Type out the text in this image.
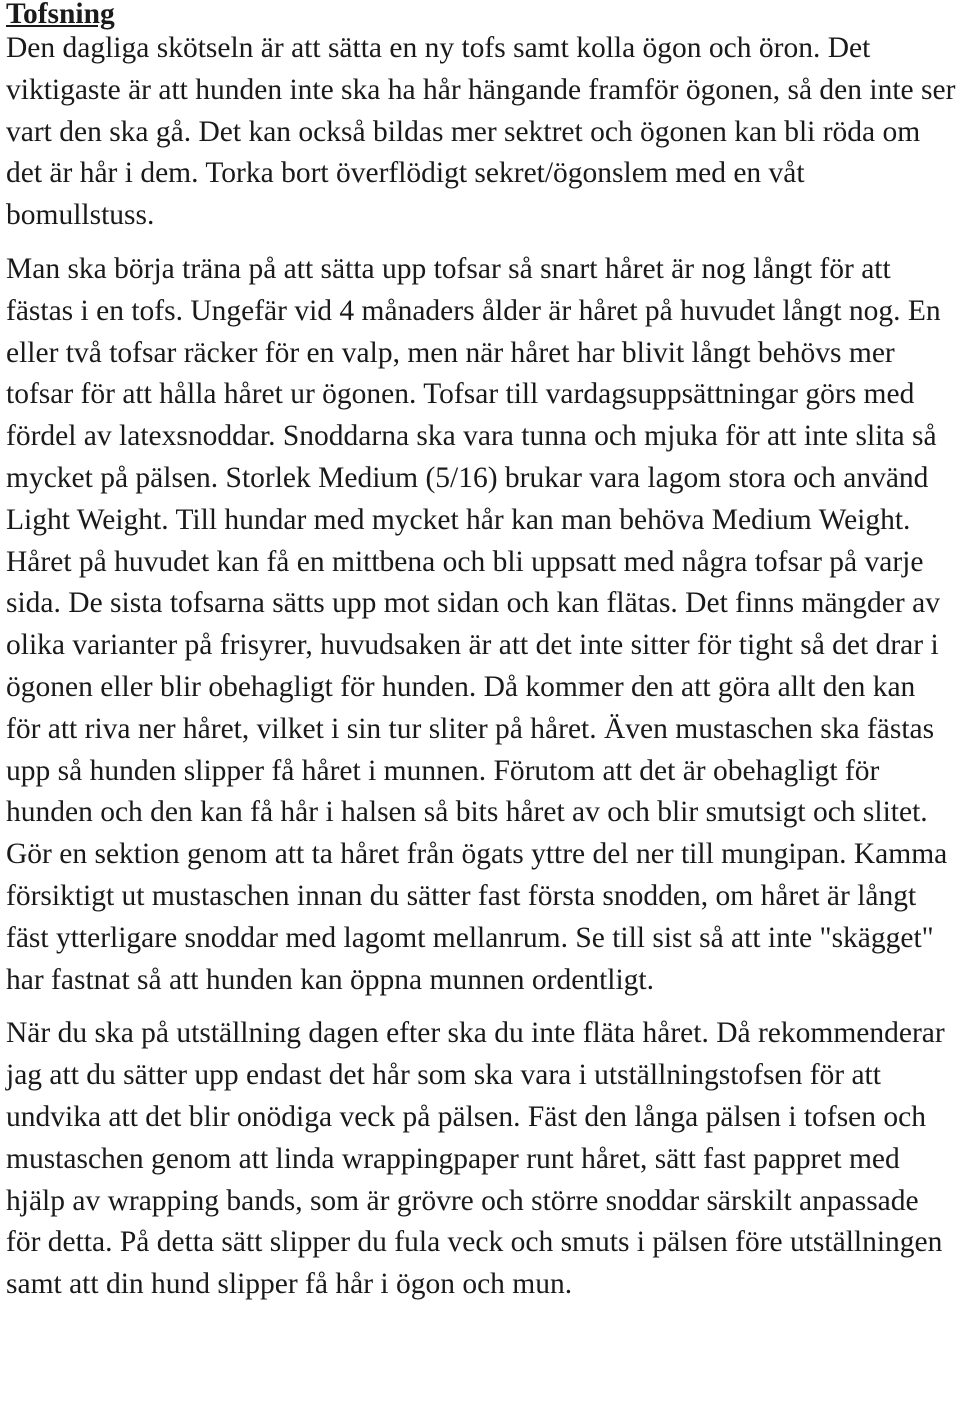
Tofsning

Den dagliga skötseln är att sätta en ny tofs samt kolla ögon och öron. Det viktigaste är att hunden inte ska ha hår hängande framför ögonen, så den inte ser vart den ska gå. Det kan också bildas mer sektret och ögonen kan bli röda om det är hår i dem. Torka bort överflödigt sekret/ögonslem med en våt bomullstuss.

Man ska börja träna på att sätta upp tofsar så snart håret är nog långt för att fästas i en tofs. Ungefär vid 4 månaders ålder är håret på huvudet långt nog. En eller två tofsar räcker för en valp, men när håret har blivit långt behövs mer tofsar för att hålla håret ur ögonen. Tofsar till vardagsuppsättningar görs med fördel av latexsnoddar. Snoddarna ska vara tunna och mjuka för att inte slita så mycket på pälsen. Storlek Medium (5/16) brukar vara lagom stora och använd Light Weight. Till hundar med mycket hår kan man behöva Medium Weight. Håret på huvudet kan få en mittbena och bli uppsatt med några tofsar på varje sida. De sista tofsarna sätts upp mot sidan och kan flätas. Det finns mängder av olika varianter på frisyrer, huvudsaken är att det inte sitter för tight så det drar i ögonen eller blir obehagligt för hunden. Då kommer den att göra allt den kan för att riva ner håret, vilket i sin tur sliter på håret. Även mustaschen ska fästas upp så hunden slipper få håret i munnen. Förutom att det är obehagligt för hunden och den kan få hår i halsen så bits håret av och blir smutsigt och slitet. Gör en sektion genom att ta håret från ögats yttre del ner till mungipan. Kamma försiktigt ut mustaschen innan du sätter fast första snodden, om håret är långt fäst ytterligare snoddar med lagomt mellanrum. Se till sist så att inte "skägget" har fastnat så att hunden kan öppna munnen ordentligt.

När du ska på utställning dagen efter ska du inte fläta håret. Då rekommenderar jag att du sätter upp endast det hår som ska vara i utställningstofsen för att undvika att det blir onödiga veck på pälsen. Fäst den långa pälsen i tofsen och mustaschen genom att linda wrappingpaper runt håret, sätt fast pappret med hjälp av wrapping bands, som är grövre och större snoddar särskilt anpassade för detta. På detta sätt slipper du fula veck och smuts i pälsen före utställningen samt att din hund slipper få hår i ögon och mun.
